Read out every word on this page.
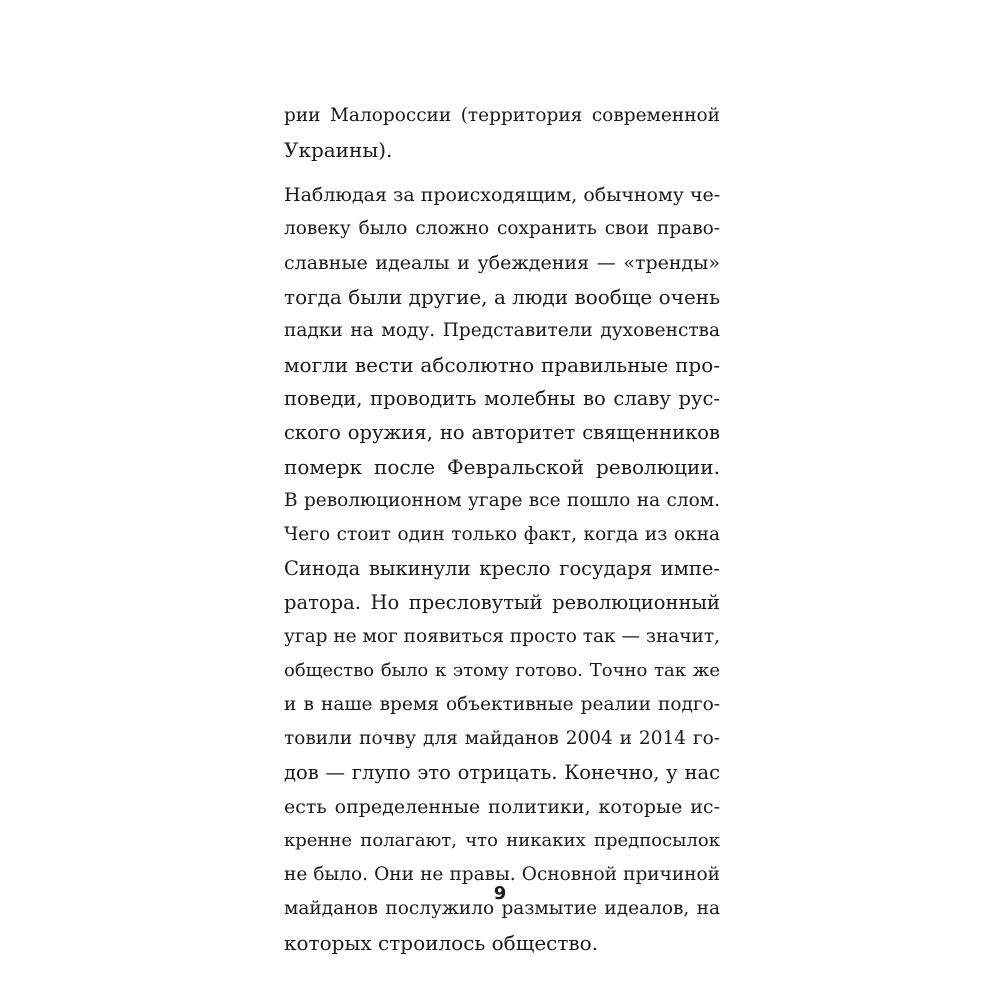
рии Малороссии (территория современной
Украины).
Наблюдая за происходящим, обычному че-
ловеку было сложно сохранить свои право-
славные идеалы и убеждения — «тренды»
тогда были другие, а люди вообще очень
падки на моду. Представители духовенства
могли вести абсолютно правильные про-
поведи, проводить молебны во славу рус-
ского оружия, но авторитет священников
померк после Февральской революции.
В революционном угаре все пошло на слом.
Чего стоит один только факт, когда из окна
Синода выкинули кресло государя импе-
ратора. Но пресловутый революционный
угар не мог появиться просто так — значит,
общество было к этому готово. Точно так же
и в наше время объективные реалии подго-
товили почву для майданов 2004 и 2014 го-
дов — глупо это отрицать. Конечно, у нас
есть определенные политики, которые ис-
кренне полагают, что никаких предпосылок
не было. Они не правы. Основной причиной
майданов послужило размытие идеалов, на
которых строилось общество.
9
